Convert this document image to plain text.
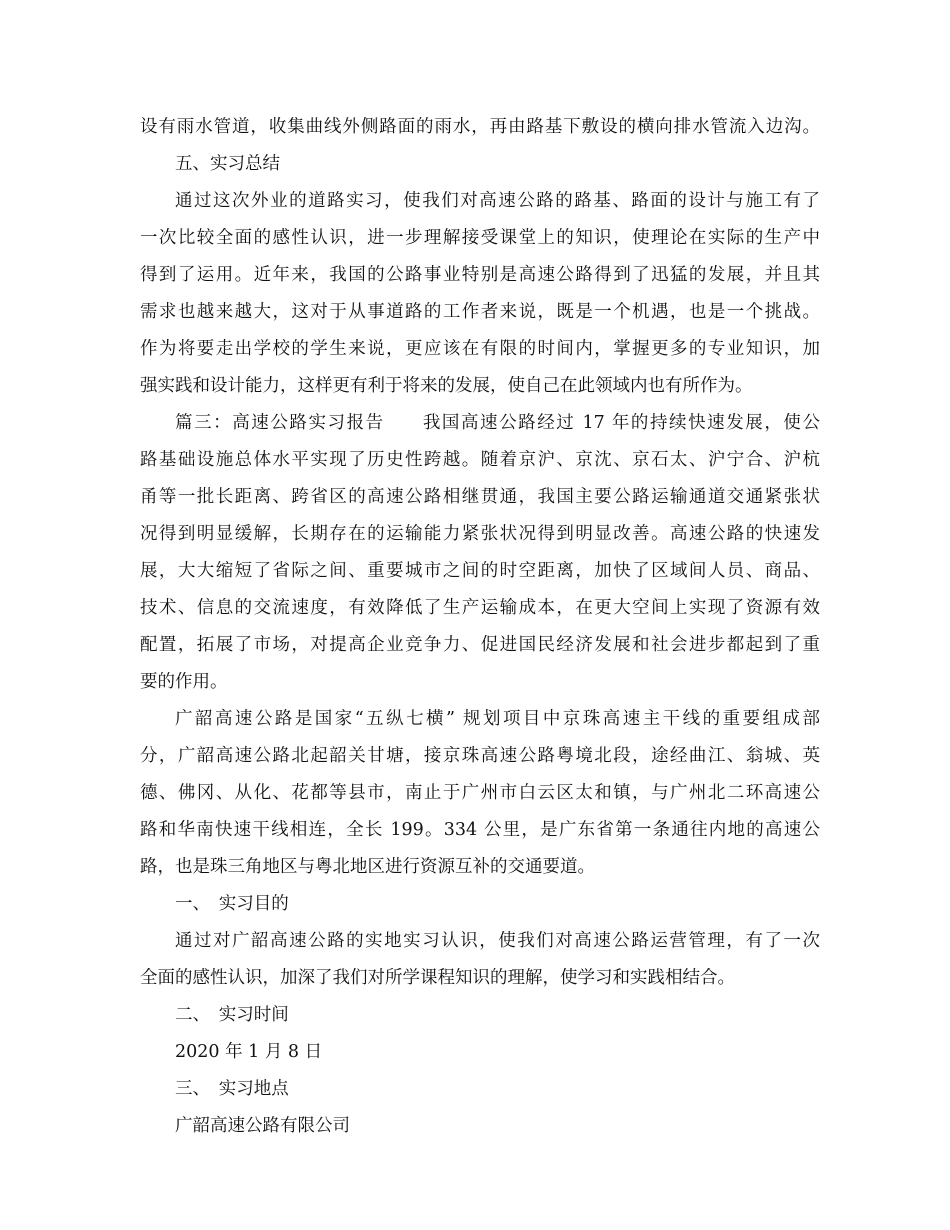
设有雨水管道，收集曲线外侧路面的雨水，再由路基下敷设的横向排水管流入边沟。
五、实习总结
通过这次外业的道路实习，使我们对高速公路的路基、路面的设计与施工有了
一次比较全面的感性认识，进一步理解接受课堂上的知识，使理论在实际的生产中
得到了运用。近年来，我国的公路事业特别是高速公路得到了迅猛的发展，并且其
需求也越来越大，这对于从事道路的工作者来说，既是一个机遇，也是一个挑战。
作为将要走出学校的学生来说，更应该在有限的时间内，掌握更多的专业知识，加
强实践和设计能力，这样更有利于将来的发展，使自己在此领域内也有所作为。
篇三：高速公路实习报告　　我国高速公路经过 17 年的持续快速发展，使公
路基础设施总体水平实现了历史性跨越。随着京沪、京沈、京石太、沪宁合、沪杭
甬等一批长距离、跨省区的高速公路相继贯通，我国主要公路运输通道交通紧张状
况得到明显缓解，长期存在的运输能力紧张状况得到明显改善。高速公路的快速发
展，大大缩短了省际之间、重要城市之间的时空距离，加快了区域间人员、商品、
技术、信息的交流速度，有效降低了生产运输成本，在更大空间上实现了资源有效
配置，拓展了市场，对提高企业竞争力、促进国民经济发展和社会进步都起到了重
要的作用。
广韶高速公路是国家“五纵七横” 规划项目中京珠高速主干线的重要组成部
分，广韶高速公路北起韶关甘塘，接京珠高速公路粤境北段，途经曲江、翁城、英
德、佛冈、从化、花都等县市，南止于广州市白云区太和镇，与广州北二环高速公
路和华南快速干线相连，全长 199。334 公里，是广东省第一条通往内地的高速公
路，也是珠三角地区与粤北地区进行资源互补的交通要道。
一、　实习目的
通过对广韶高速公路的实地实习认识，使我们对高速公路运营管理，有了一次
全面的感性认识，加深了我们对所学课程知识的理解，使学习和实践相结合。
二、　实习时间
2020 年 1 月 8 日
三、　实习地点
广韶高速公路有限公司
